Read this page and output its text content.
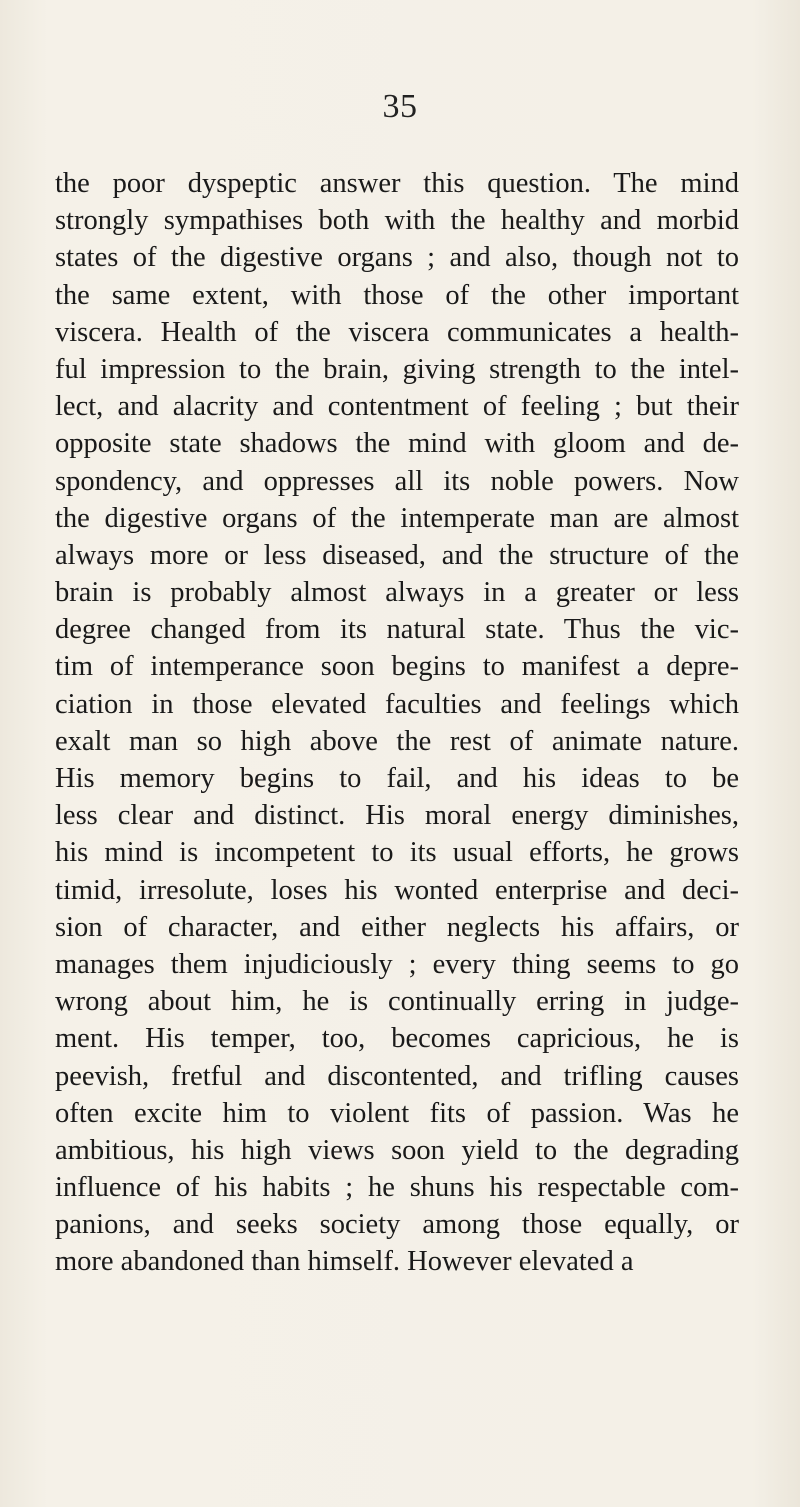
35
the poor dyspeptic answer this question. The mind
strongly sympathises both with the healthy and morbid
states of the digestive organs ; and also, though not to
the same extent, with those of the other important
viscera. Health of the viscera communicates a health-
ful impression to the brain, giving strength to the intel-
lect, and alacrity and contentment of feeling ; but their
opposite state shadows the mind with gloom and de-
spondency, and oppresses all its noble powers. Now
the digestive organs of the intemperate man are almost
always more or less diseased, and the structure of the
brain is probably almost always in a greater or less
degree changed from its natural state. Thus the vic-
tim of intemperance soon begins to manifest a depre-
ciation in those elevated faculties and feelings which
exalt man so high above the rest of animate nature.
His memory begins to fail, and his ideas to be
less clear and distinct. His moral energy diminishes,
his mind is incompetent to its usual efforts, he grows
timid, irresolute, loses his wonted enterprise and deci-
sion of character, and either neglects his affairs, or
manages them injudiciously ; every thing seems to go
wrong about him, he is continually erring in judge-
ment. His temper, too, becomes capricious, he is
peevish, fretful and discontented, and trifling causes
often excite him to violent fits of passion. Was he
ambitious, his high views soon yield to the degrading
influence of his habits ; he shuns his respectable com-
panions, and seeks society among those equally, or
more abandoned than himself. However elevated a
